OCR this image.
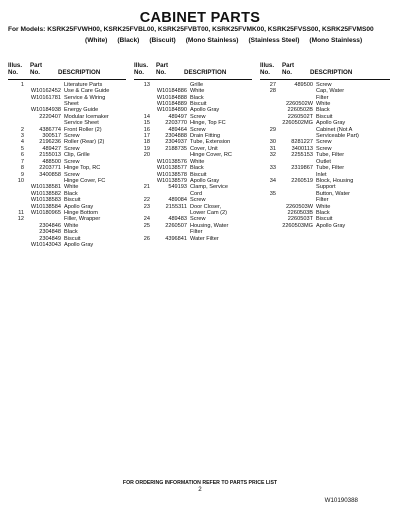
CABINET PARTS
For Models: KSRK25FVWH00, KSRK25FVBL00, KSRK25FVBT00, KSRK25FVMK00, KSRK25FVSS00, KSRK25FVMS00
(White) (Black) (Biscuit) (Mono Stainless) (Stainless Steel) (Mono Stainless)
Illus.
No.
Part
No.
	DESCRIPTION
1	Literature Parts
W10162452 Use & Care Guide
W10161781 Service & Wiring
Sheet
W10184938 Energy Guide
2220407 Modular Icemaker
Service Sheet
2	4386774 Front Roller (2)
3	300517 Screw
4	2196236 Roller (Rear) (2)
5	489427 Screw
6	2155013 Clip, Grille
7	488500 Screw
8	2203771 Hinge Top, RC
9	3400858 Screw
10	Hinge Cover, FC
W10138581 White
W10138582 Black
W10138583 Biscuit
W10138584 Apollo Gray
11	W10180965 Hinge Bottom
12	Filler, Wrapper
2304846 White
2304848 Black
2304849 Biscuit
W10143043 Apollo Gray
Illus.
No.
Part
No.
	DESCRIPTION
13	Grille
W10184886 White
W10184888 Black
W10184889 Biscuit
W10184890 Apollo Gray
14	489497 Screw
15	2203770 Hinge, Top FC
16	489464 Screw
17	2304888 Drain Fitting
18	2304937 Tube, Extension
19	2188735 Cover, Unit
20	Hinge Cover, RC
W10138576 White
W10138577 Black
W10138578 Biscuit
W10138579 Apollo Gray
21	549193 Clamp, Service
Cord
22	489084 Screw
23	2155311 Door Closer,
Lower Cam (2)
24	489483 Screw
25	2260507 Housing, Water
Filter
26	4396841 Water Filter
Illus.
No.
Part
No.
	DESCRIPTION
27	489500 Screw
28	Cap, Water
Filter
2260502W White
2260502B Black
2260502T Biscuit
2260502MG Apollo Gray
29	Cabinet (Not A
Serviceable Part)
30	8281227 Screw
31	3400113 Screw
32	2255153 Tube, Filter
Outlet
33	2319867 Tube, Filter
Inlet
34	2260519 Block, Housing
Support
35	Button, Water
Filter
2260503W White
2260503B Black
2260503T Biscuit
2260503MG Apollo Gray
FOR ORDERING INFORMATION REFER TO PARTS PRICE LIST
2
W10190388
